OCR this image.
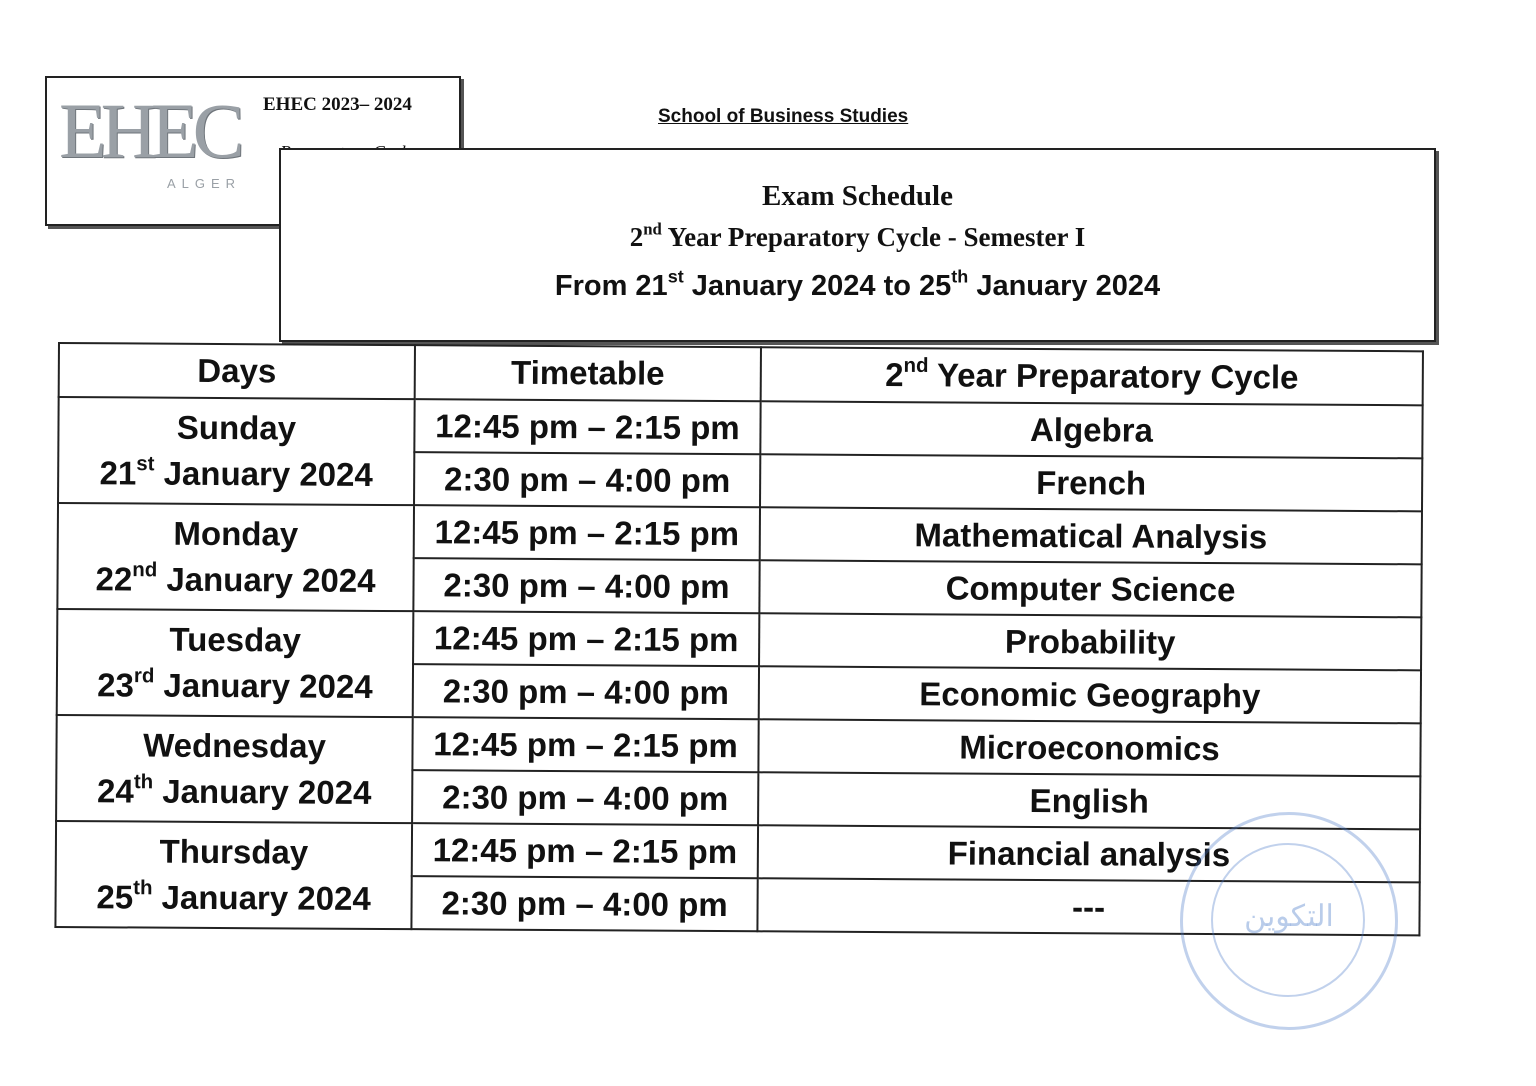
EHEC
ALGER
EHEC 2023– 2024
School of Business Studies
Exam Schedule
2nd Year Preparatory Cycle - Semester I
From 21st January 2024 to 25th January 2024
Days	Timetable	2nd Year Preparatory Cycle

Sunday
21st January 2024	12:45 pm – 2:15 pm	Algebra
	2:30 pm – 4:00 pm	French

Monday
22nd January 2024	12:45 pm – 2:15 pm	Mathematical Analysis
	2:30 pm – 4:00 pm	Computer Science

Tuesday
23rd January 2024	12:45 pm – 2:15 pm	Probability
	2:30 pm – 4:00 pm	Economic Geography

Wednesday
24th January 2024	12:45 pm – 2:15 pm	Microeconomics
	2:30 pm – 4:00 pm	English

Thursday
25th January 2024	12:45 pm – 2:15 pm	Financial analysis
	2:30 pm – 4:00 pm	---	التكوين
